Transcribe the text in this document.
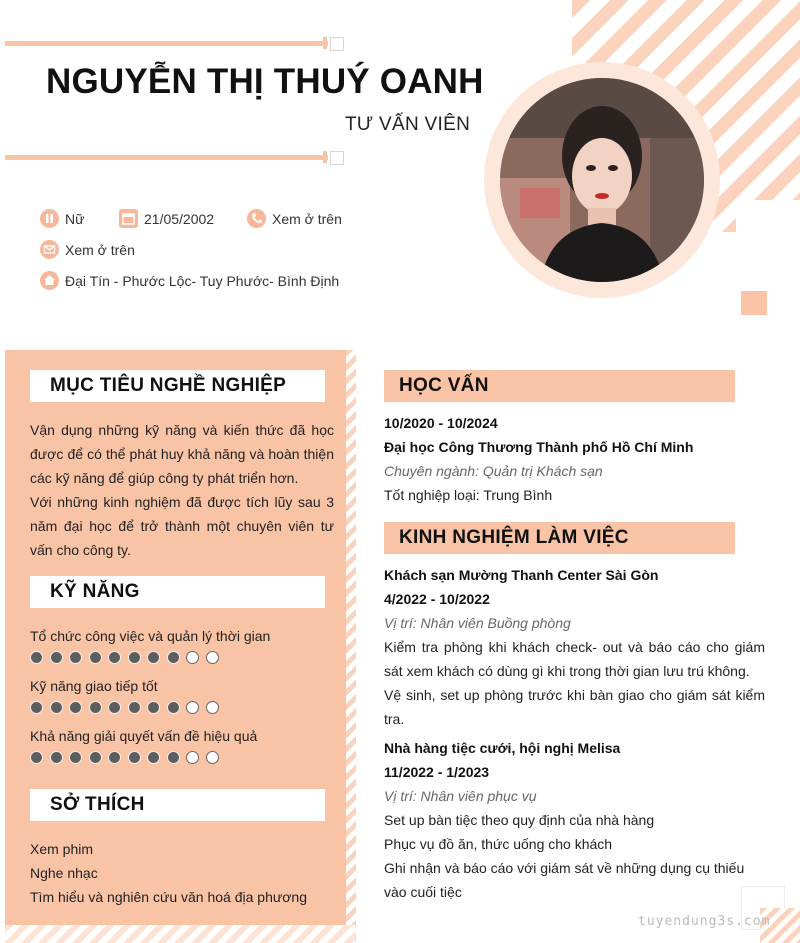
NGUYỄN THỊ THUÝ OANH
TƯ VẤN VIÊN
Nữ	21/05/2002	Xem ở trên
Xem ở trên
Đại Tín - Phước Lộc- Tuy Phước- Bình Định
MỤC TIÊU NGHỀ NGHIỆP
Vận dụng những kỹ năng và kiến thức đã học được để có thể phát huy khả năng và hoàn thiện các kỹ năng để giúp công ty phát triển hơn.
Với những kinh nghiệm đã được tích lũy sau 3 năm đại học để trở thành một chuyên viên tư vấn cho công ty.
KỸ NĂNG
Tổ chức công việc và quản lý thời gian
Kỹ năng giao tiếp tốt
Khả năng giải quyết vấn đề hiệu quả
SỞ THÍCH
Xem phim
Nghe nhạc
Tìm hiểu và nghiên cứu văn hoá địa phương
HỌC VẤN
10/2020 - 10/2024
Đại học Công Thương Thành phố Hồ Chí Minh
Chuyên ngành: Quản trị Khách sạn
Tốt nghiệp loại: Trung Bình
KINH NGHIỆM LÀM VIỆC
Khách sạn Mường Thanh Center Sài Gòn
4/2022 - 10/2022
Vị trí: Nhân viên Buồng phòng
Kiểm tra phòng khi khách check- out và báo cáo cho giám sát xem khách có dùng gì khi trong thời gian lưu trú không.
Vệ sinh, set up phòng trước khi bàn giao cho giám sát kiểm tra.
Nhà hàng tiệc cưới, hội nghị Melisa
11/2022 - 1/2023
Vị trí: Nhân viên phục vụ
Set up bàn tiệc theo quy định của nhà hàng
Phục vụ đồ ăn, thức uống cho khách
Ghi nhận và báo cáo với giám sát về những dụng cụ thiếu vào cuối tiệc
tuyendung3s.com
